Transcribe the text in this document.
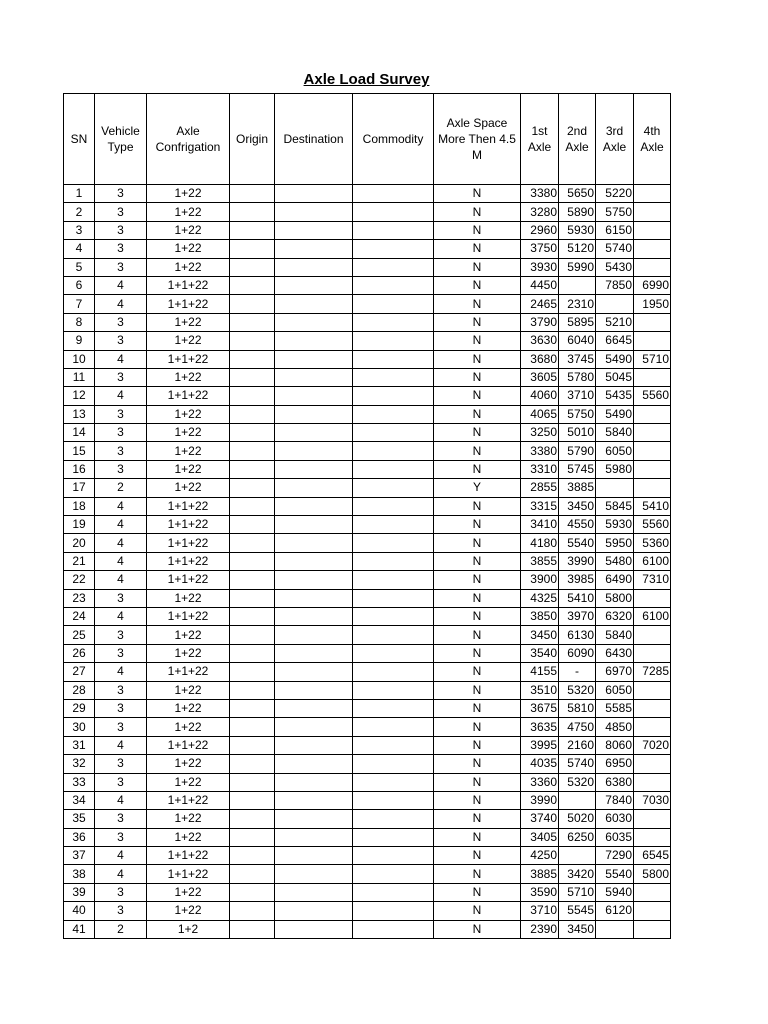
Axle Load Survey
SN	Vehicle Type	Axle Confrigation	Origin	Destination	Commodity	Axle Space More Then 4.5 M	1st Axle	2nd Axle	3rd Axle	4th Axle
1	3	1+22				N	3380	5650	5220	
2	3	1+22				N	3280	5890	5750	
3	3	1+22				N	2960	5930	6150	
4	3	1+22				N	3750	5120	5740	
5	3	1+22				N	3930	5990	5430	
6	4	1+1+22				N	4450		7850	6990
7	4	1+1+22				N	2465	2310		1950
8	3	1+22				N	3790	5895	5210	
9	3	1+22				N	3630	6040	6645	
10	4	1+1+22				N	3680	3745	5490	5710
11	3	1+22				N	3605	5780	5045	
12	4	1+1+22				N	4060	3710	5435	5560
13	3	1+22				N	4065	5750	5490	
14	3	1+22				N	3250	5010	5840	
15	3	1+22				N	3380	5790	6050	
16	3	1+22				N	3310	5745	5980	
17	2	1+22				Y	2855	3885		
18	4	1+1+22				N	3315	3450	5845	5410
19	4	1+1+22				N	3410	4550	5930	5560
20	4	1+1+22				N	4180	5540	5950	5360
21	4	1+1+22				N	3855	3990	5480	6100
22	4	1+1+22				N	3900	3985	6490	7310
23	3	1+22				N	4325	5410	5800	
24	4	1+1+22				N	3850	3970	6320	6100
25	3	1+22				N	3450	6130	5840	
26	3	1+22				N	3540	6090	6430	
27	4	1+1+22				N	4155	-	6970	7285
28	3	1+22				N	3510	5320	6050	
29	3	1+22				N	3675	5810	5585	
30	3	1+22				N	3635	4750	4850	
31	4	1+1+22				N	3995	2160	8060	7020
32	3	1+22				N	4035	5740	6950	
33	3	1+22				N	3360	5320	6380	
34	4	1+1+22				N	3990		7840	7030
35	3	1+22				N	3740	5020	6030	
36	3	1+22				N	3405	6250	6035	
37	4	1+1+22				N	4250		7290	6545
38	4	1+1+22				N	3885	3420	5540	5800
39	3	1+22				N	3590	5710	5940	
40	3	1+22				N	3710	5545	6120	
41	2	1+2				N	2390	3450		
